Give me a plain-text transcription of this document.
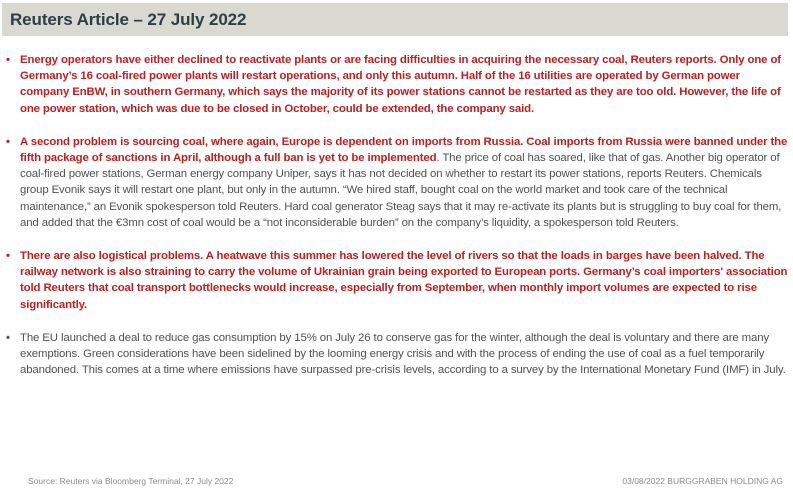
Reuters Article – 27 July 2022
• Energy operators have either declined to reactivate plants or are facing difficulties in acquiring the necessary coal, Reuters reports. Only one of Germany’s 16 coal-fired power plants will restart operations, and only this autumn. Half of the 16 utilities are operated by German power company EnBW, in southern Germany, which says the majority of its power stations cannot be restarted as they are too old. However, the life of one power station, which was due to be closed in October, could be extended, the company said.
• A second problem is sourcing coal, where again, Europe is dependent on imports from Russia. Coal imports from Russia were banned under the fifth package of sanctions in April, although a full ban is yet to be implemented. The price of coal has soared, like that of gas. Another big operator of coal-fired power stations, German energy company Uniper, says it has not decided on whether to restart its power stations, reports Reuters. Chemicals group Evonik says it will restart one plant, but only in the autumn. “We hired staff, bought coal on the world market and took care of the technical maintenance,” an Evonik spokesperson told Reuters. Hard coal generator Steag says that it may re-activate its plants but is struggling to buy coal for them, and added that the €3mn cost of coal would be a “not inconsiderable burden” on the company’s liquidity, a spokesperson told Reuters.
• There are also logistical problems. A heatwave this summer has lowered the level of rivers so that the loads in barges have been halved. The railway network is also straining to carry the volume of Ukrainian grain being exported to European ports. Germany’s coal importers' association told Reuters that coal transport bottlenecks would increase, especially from September, when monthly import volumes are expected to rise significantly.
• The EU launched a deal to reduce gas consumption by 15% on July 26 to conserve gas for the winter, although the deal is voluntary and there are many exemptions. Green considerations have been sidelined by the looming energy crisis and with the process of ending the use of coal as a fuel temporarily abandoned. This comes at a time where emissions have surpassed pre-crisis levels, according to a survey by the International Monetary Fund (IMF) in July.
Source: Reuters via Bloomberg Terminal, 27 July 2022	03/08/2022 BURGGRABEN HOLDING AG
